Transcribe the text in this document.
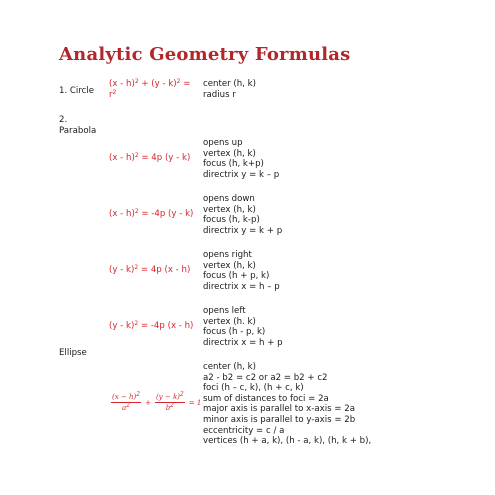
Analytic Geometry Formulas
1. Circle
(x - h)$^2$ + (y - k)$^2$ =
$r^2$
center (h, k)
radius r
2.
Parabola
(x - h)$^2$ = 4p (y - k)
opens up
vertex (h, k)
focus (h, k+p)
directrix y = k – p
(x - h)$^2$ = -4p (y - k)
opens down
vertex (h, k)
focus (h, k-p)
directrix y = k + p
(y - k)$^2$ = 4p (x - h)
opens right
vertex (h, k)
focus (h + p, k)
directrix x = h – p
(y - k)$^2$ = -4p (x - h)
opens left
vertex (h. k)
focus (h - p, k)
directrix x = h + p
Ellipse
$\frac{(x - h)^2}{a^2} + \frac{(y - k)^2}{b^2} = 1$
center (h, k)
a2 - b2 = c2 or a2 = b2 + c2
foci (h – c, k), (h + c, k)
sum of distances to foci = 2a
major axis is parallel to x-axis = 2a
minor axis is parallel to y-axis = 2b
eccentricity = c / a
vertices (h + a, k), (h - a, k), (h, k + b),
